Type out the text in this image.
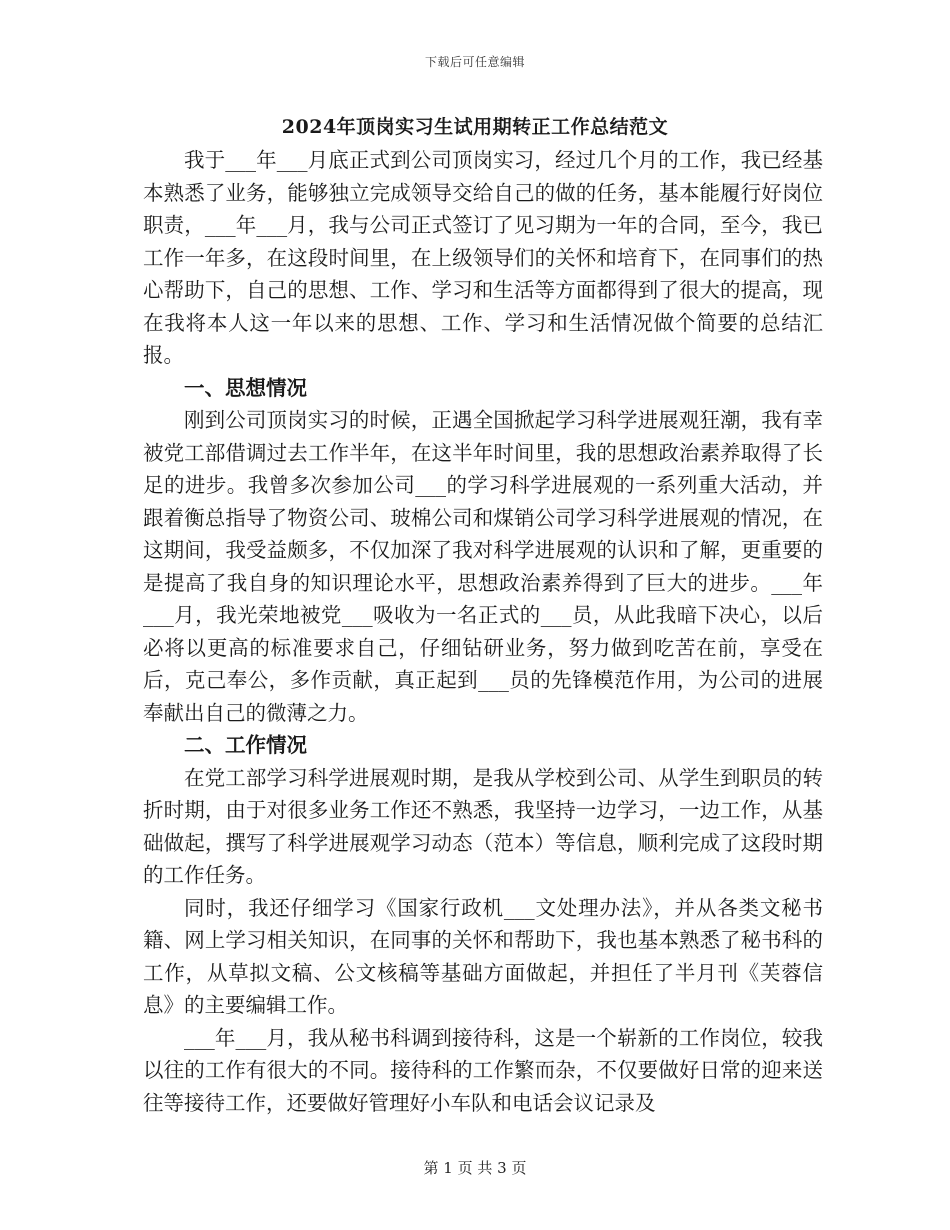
下载后可任意编辑
2024年顶岗实习生试用期转正工作总结范文

我于___年___月底正式到公司顶岗实习，经过几个月的工作，我已经基本熟悉了业务，能够独立完成领导交给自己的做的任务，基本能履行好岗位职责，___年___月，我与公司正式签订了见习期为一年的合同，至今，我已工作一年多，在这段时间里，在上级领导们的关怀和培育下，在同事们的热心帮助下，自己的思想、工作、学习和生活等方面都得到了很大的提高，现在我将本人这一年以来的思想、工作、学习和生活情况做个简要的总结汇报。

一、思想情况

刚到公司顶岗实习的时候，正遇全国掀起学习科学进展观狂潮，我有幸被党工部借调过去工作半年，在这半年时间里，我的思想政治素养取得了长足的进步。我曾多次参加公司___的学习科学进展观的一系列重大活动，并跟着衡总指导了物资公司、玻棉公司和煤销公司学习科学进展观的情况，在这期间，我受益颇多，不仅加深了我对科学进展观的认识和了解，更重要的是提高了我自身的知识理论水平，思想政治素养得到了巨大的进步。___年___月，我光荣地被党___吸收为一名正式的___员，从此我暗下决心，以后必将以更高的标准要求自己，仔细钻研业务，努力做到吃苦在前，享受在后，克己奉公，多作贡献，真正起到___员的先锋模范作用，为公司的进展奉献出自己的微薄之力。

二、工作情况

在党工部学习科学进展观时期，是我从学校到公司、从学生到职员的转折时期，由于对很多业务工作还不熟悉，我坚持一边学习，一边工作，从基础做起，撰写了科学进展观学习动态（范本）等信息，顺利完成了这段时期的工作任务。

同时，我还仔细学习《国家行政机___文处理办法》，并从各类文秘书籍、网上学习相关知识，在同事的关怀和帮助下，我也基本熟悉了秘书科的工作，从草拟文稿、公文核稿等基础方面做起，并担任了半月刊《芙蓉信息》的主要编辑工作。

___年___月，我从秘书科调到接待科，这是一个崭新的工作岗位，较我以往的工作有很大的不同。接待科的工作繁而杂，不仅要做好日常的迎来送往等接待工作，还要做好管理好小车队和电话会议记录及

第 1 页 共 3 页
